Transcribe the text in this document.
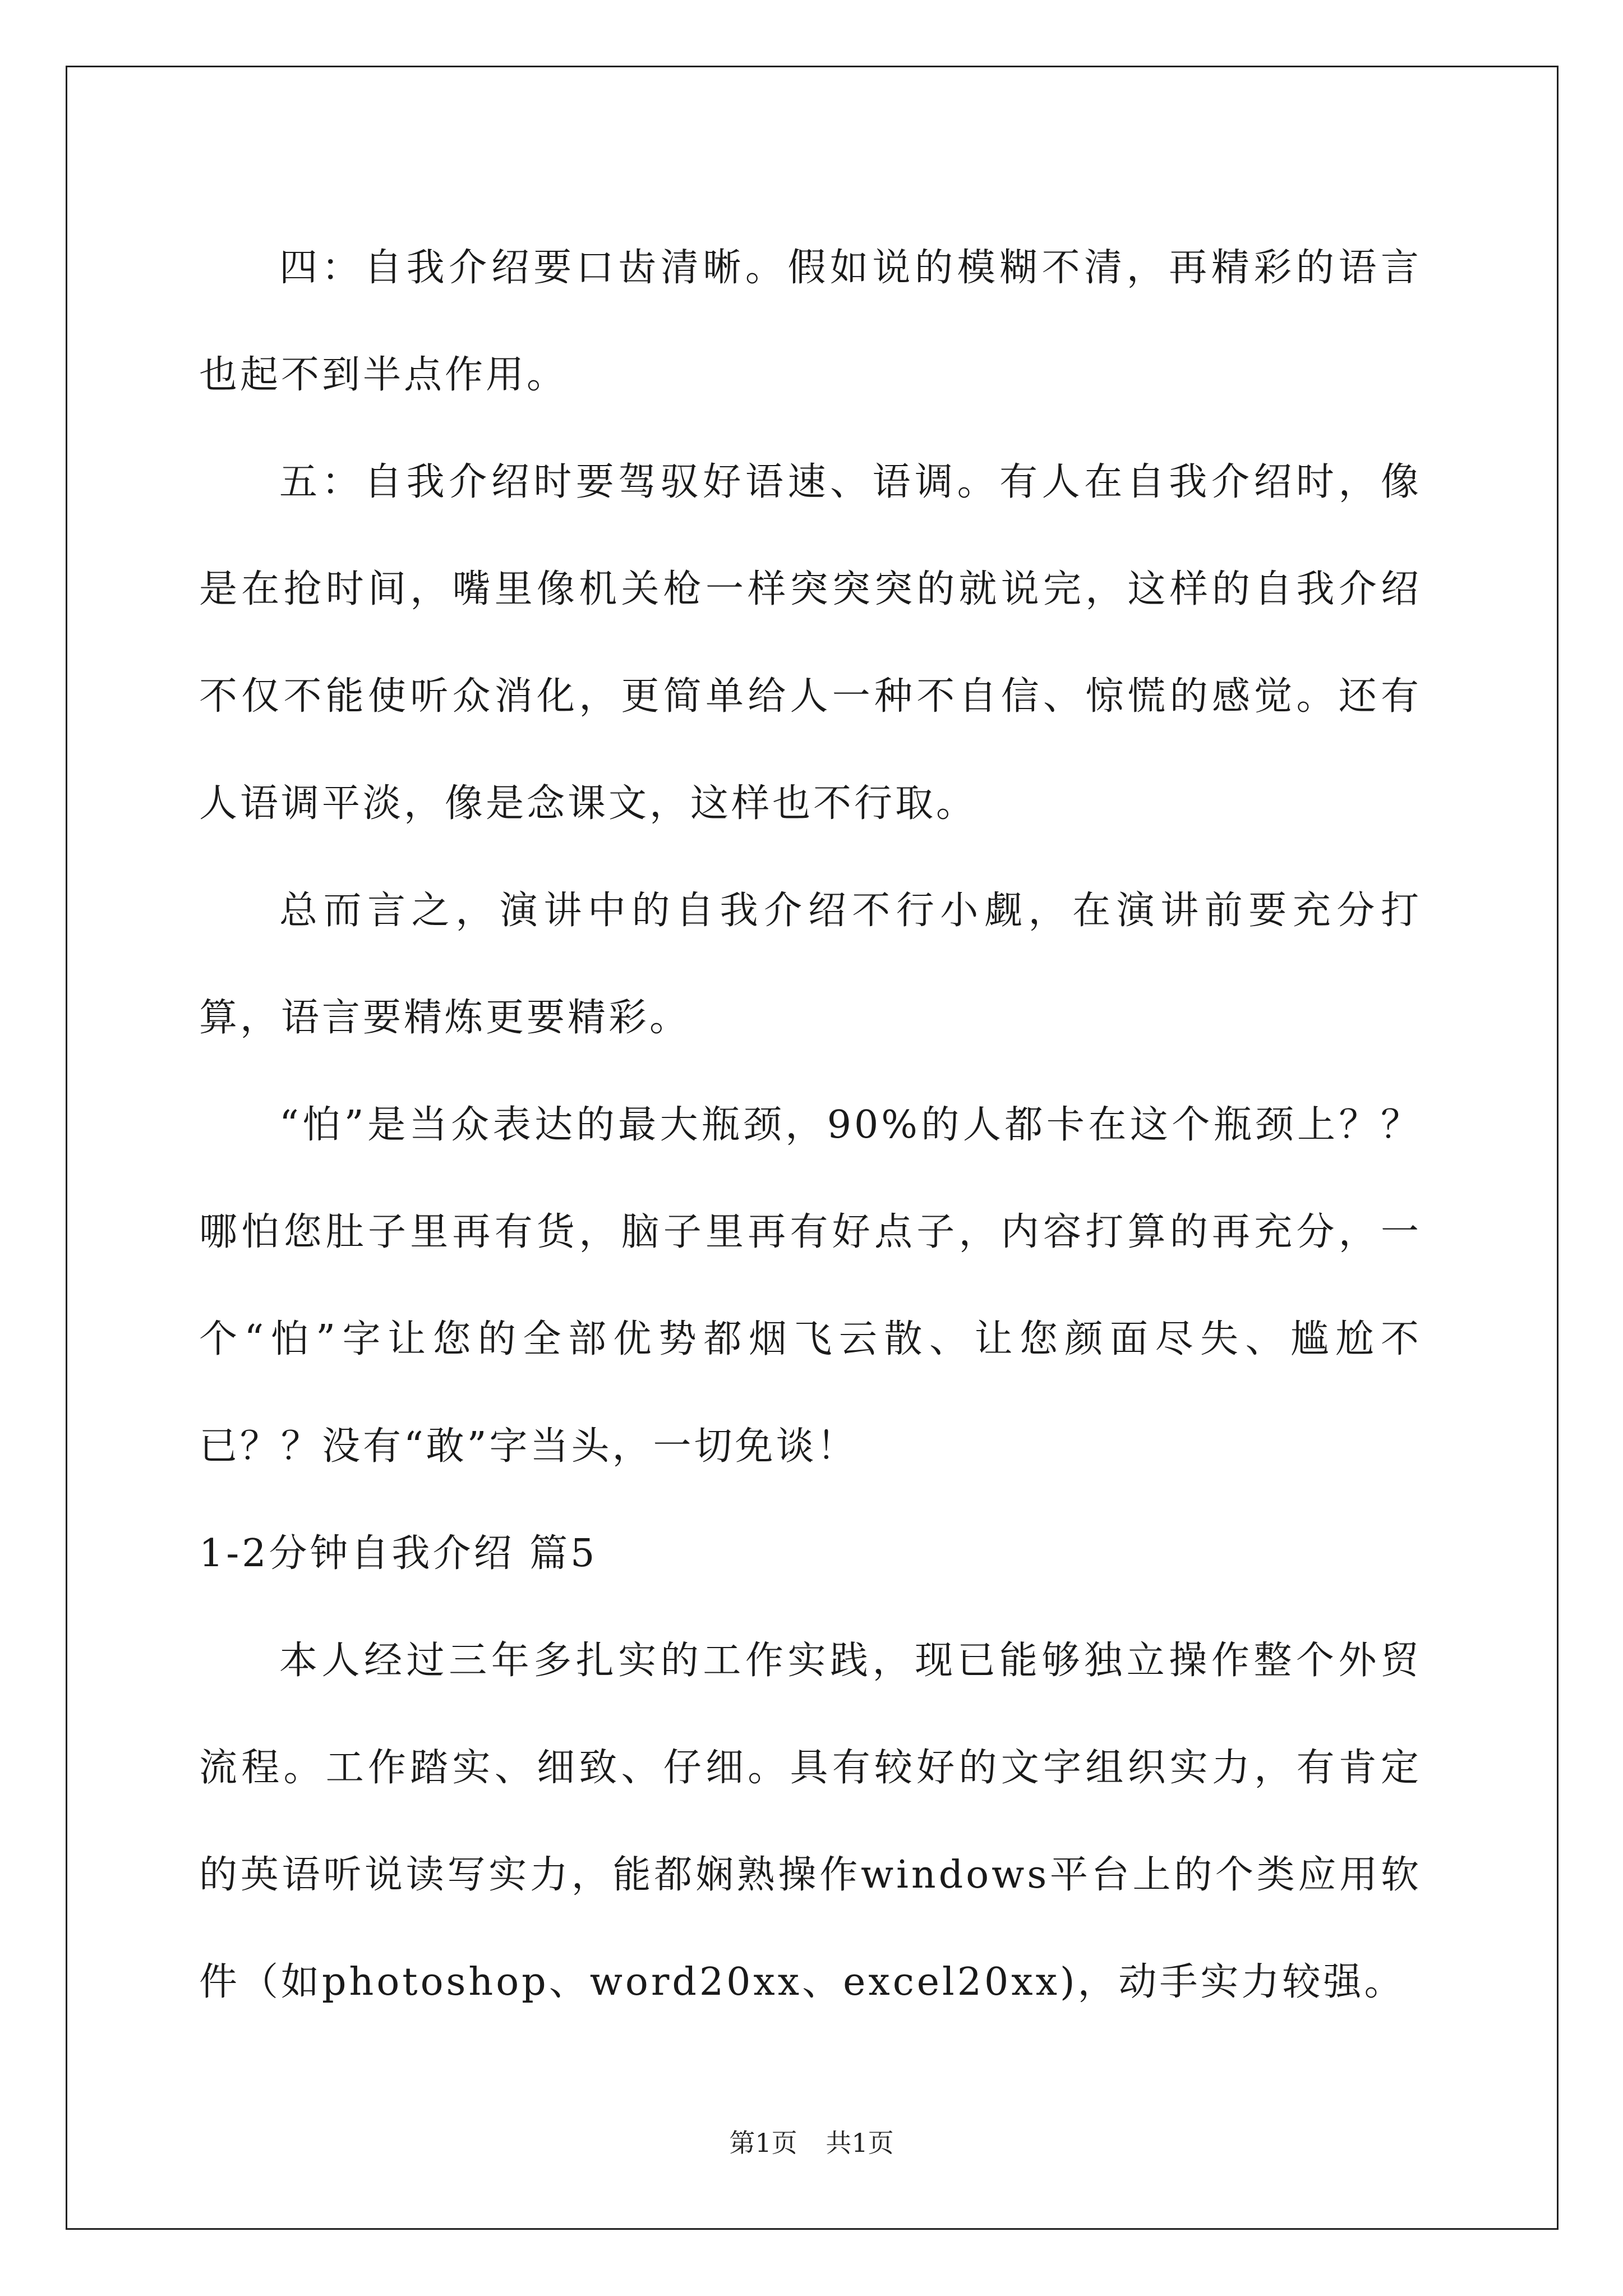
四：自我介绍要口齿清晰。假如说的模糊不清，再精彩的语言也起不到半点作用。

五：自我介绍时要驾驭好语速、语调。有人在自我介绍时，像是在抢时间，嘴里像机关枪一样突突突的就说完，这样的自我介绍不仅不能使听众消化，更简单给人一种不自信、惊慌的感觉。还有人语调平淡，像是念课文，这样也不行取。

总而言之，演讲中的自我介绍不行小觑，在演讲前要充分打算，语言要精炼更要精彩。

“怕”是当众表达的最大瓶颈，90%的人都卡在这个瓶颈上？？哪怕您肚子里再有货，脑子里再有好点子，内容打算的再充分，一个“怕”字让您的全部优势都烟飞云散、让您颜面尽失、尴尬不已？？没有“敢”字当头，一切免谈！

1-2分钟自我介绍 篇5

本人经过三年多扎实的工作实践，现已能够独立操作整个外贸流程。工作踏实、细致、仔细。具有较好的文字组织实力，有肯定的英语听说读写实力，能都娴熟操作windows平台上的个类应用软件（如photoshop、word20xx、excel20xx)，动手实力较强。

第1页 共1页
